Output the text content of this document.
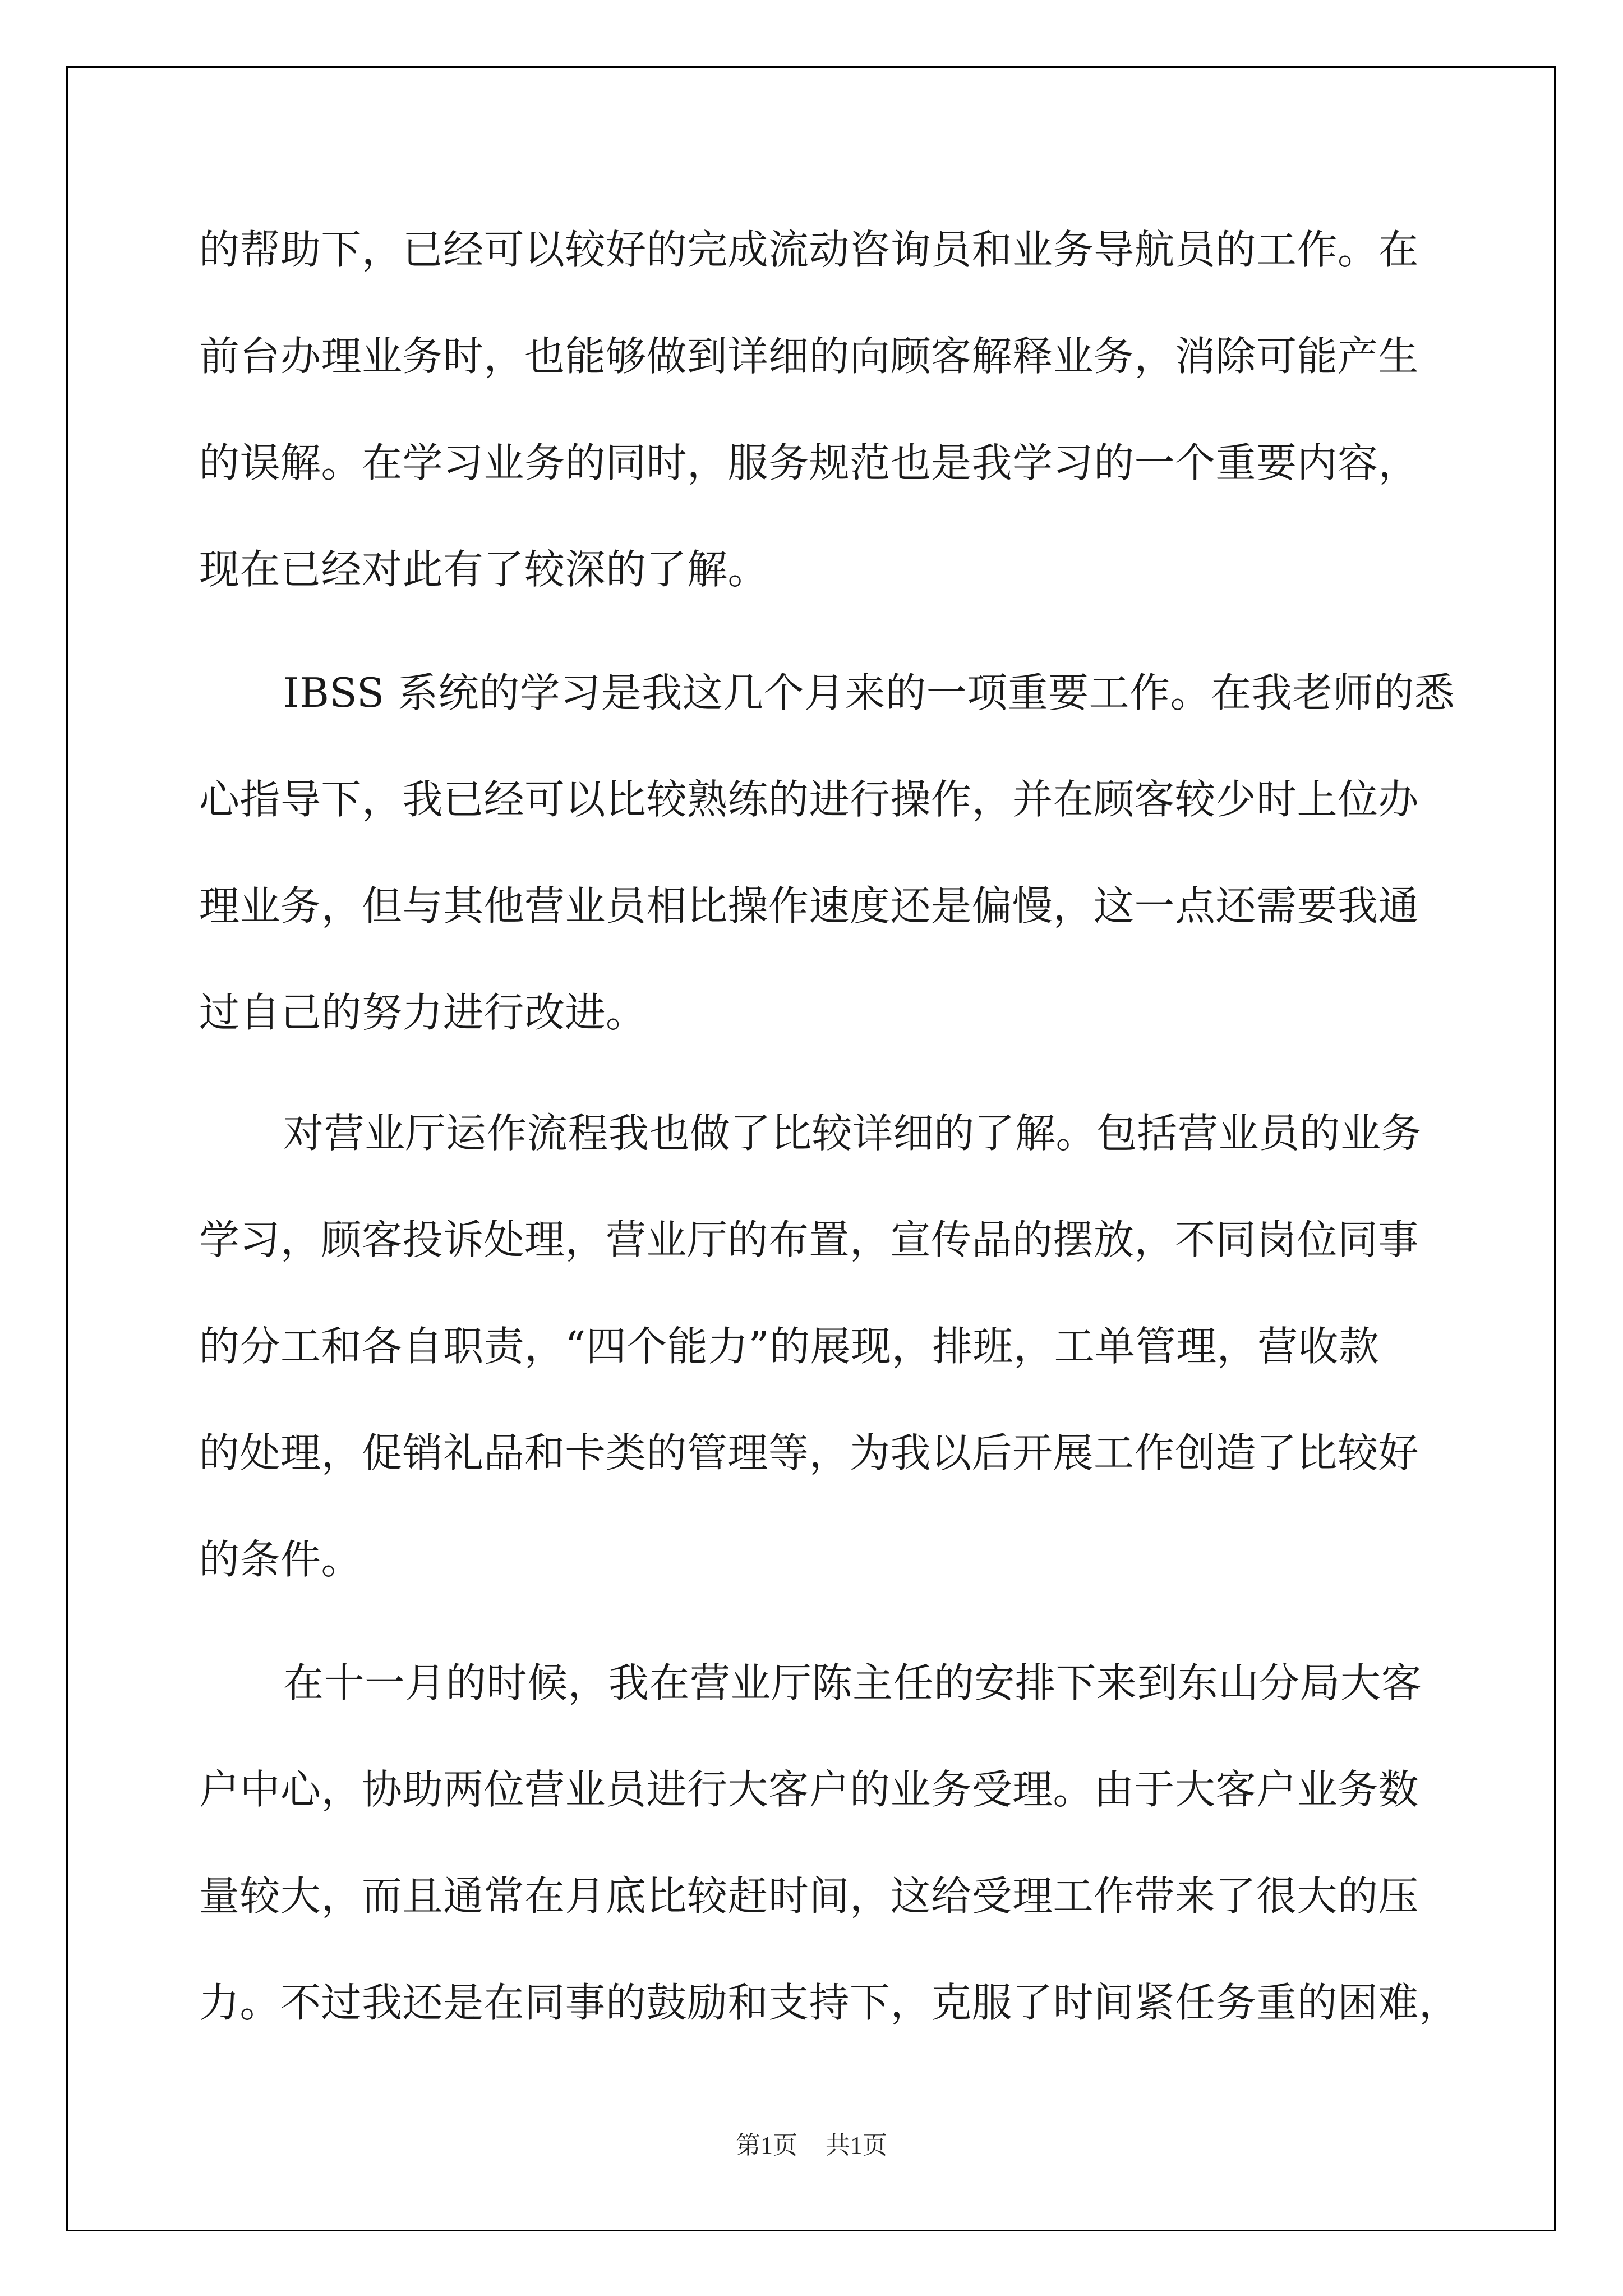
的帮助下，已经可以较好的完成流动咨询员和业务导航员的工作。在
前台办理业务时，也能够做到详细的向顾客解释业务，消除可能产生
的误解。在学习业务的同时，服务规范也是我学习的一个重要内容，
现在已经对此有了较深的了解。
IBSS 系统的学习是我这几个月来的一项重要工作。在我老师的悉
心指导下，我已经可以比较熟练的进行操作，并在顾客较少时上位办
理业务，但与其他营业员相比操作速度还是偏慢，这一点还需要我通
过自己的努力进行改进。
对营业厅运作流程我也做了比较详细的了解。包括营业员的业务
学习，顾客投诉处理，营业厅的布置，宣传品的摆放，不同岗位同事
的分工和各自职责，“四个能力”的展现，排班，工单管理，营收款
的处理，促销礼品和卡类的管理等，为我以后开展工作创造了比较好
的条件。
在十一月的时候，我在营业厅陈主任的安排下来到东山分局大客
户中心，协助两位营业员进行大客户的业务受理。由于大客户业务数
量较大，而且通常在月底比较赶时间，这给受理工作带来了很大的压
力。不过我还是在同事的鼓励和支持下，克服了时间紧任务重的困难，
第1页 共1页
